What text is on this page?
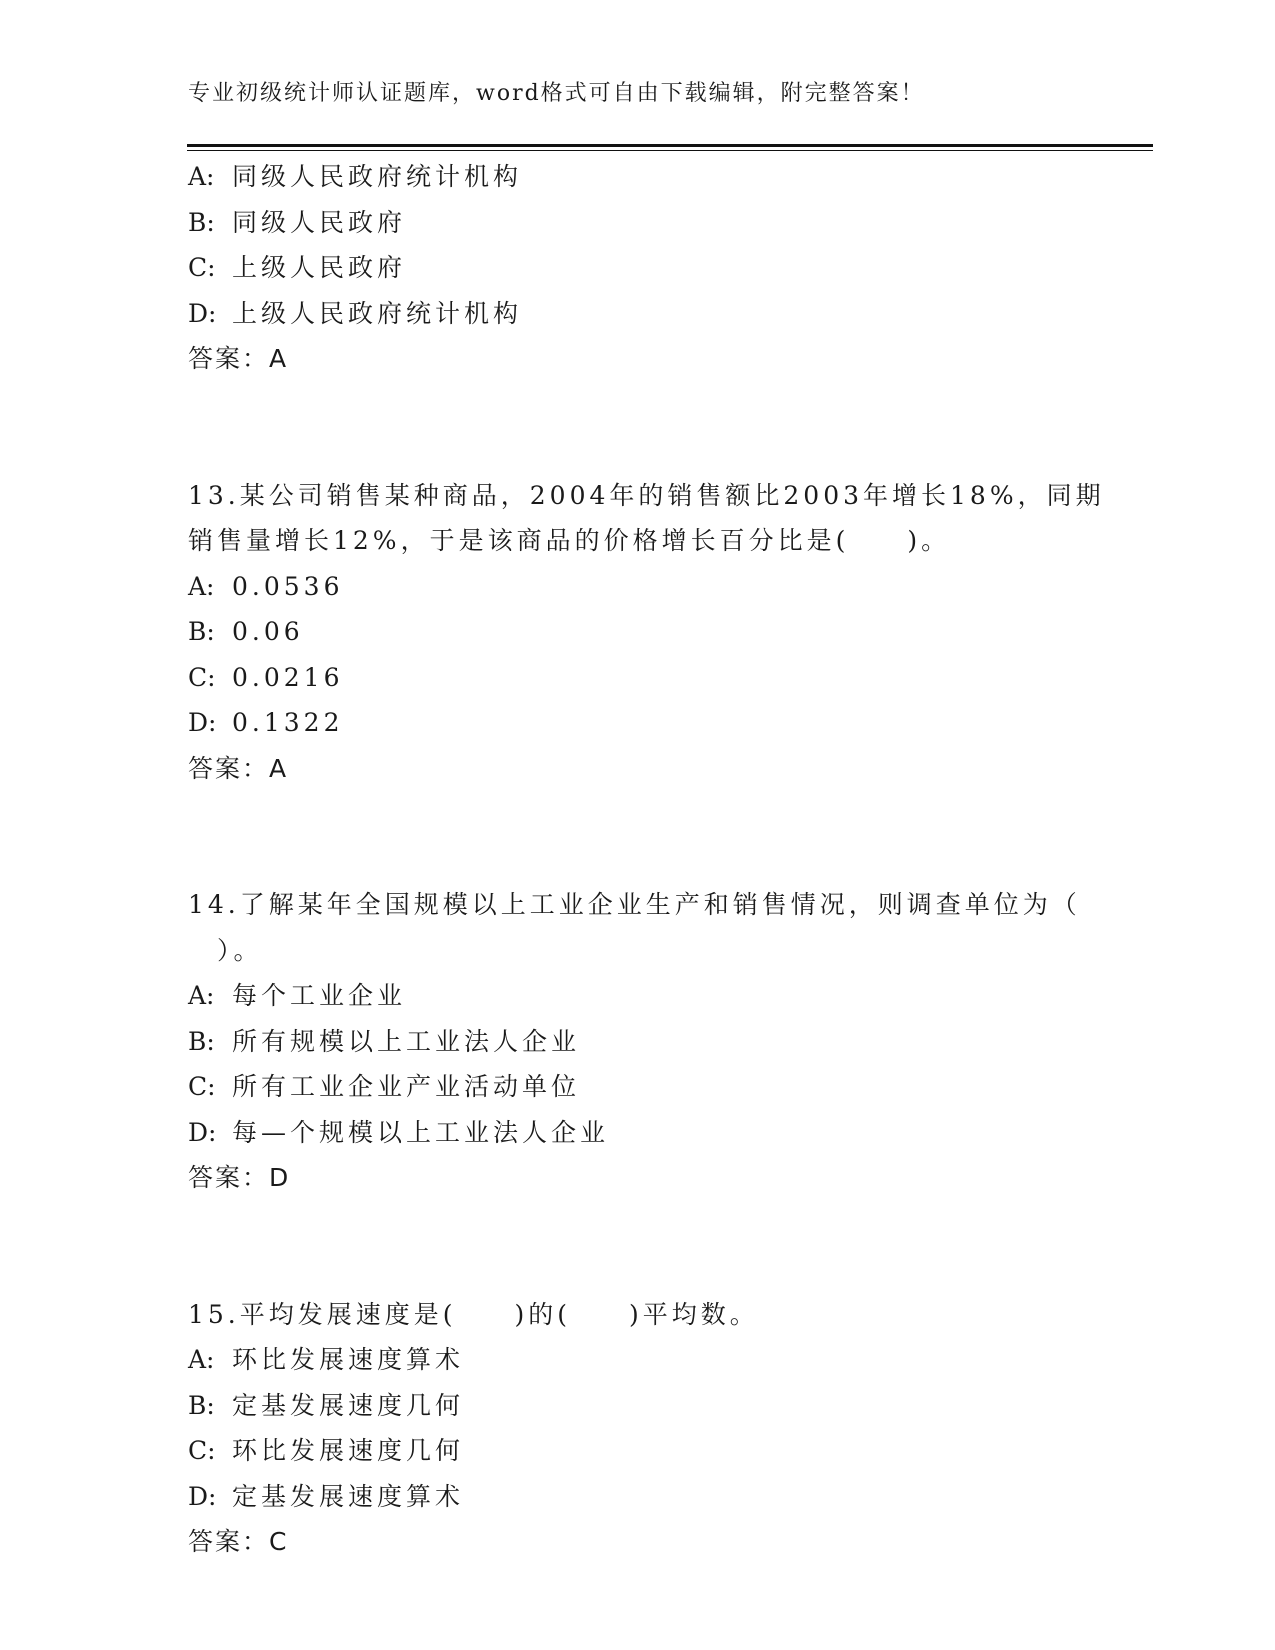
专业初级统计师认证题库，word格式可自由下载编辑，附完整答案！
A: 同级人民政府统计机构
B: 同级人民政府
C: 上级人民政府
D: 上级人民政府统计机构
答案：A
13.某公司销售某种商品，2004年的销售额比2003年增长18%，同期
销售量增长12%，于是该商品的价格增长百分比是(　　)。
A: 0.0536
B: 0.06
C: 0.0216
D: 0.1322
答案：A
14.了解某年全国规模以上工业企业生产和销售情况，则调查单位为（
　）。
A: 每个工业企业
B: 所有规模以上工业法人企业
C: 所有工业企业产业活动单位
D: 每—个规模以上工业法人企业
答案：D
15.平均发展速度是(　　)的(　　)平均数。
A: 环比发展速度算术
B: 定基发展速度几何
C: 环比发展速度几何
D: 定基发展速度算术
答案：C
